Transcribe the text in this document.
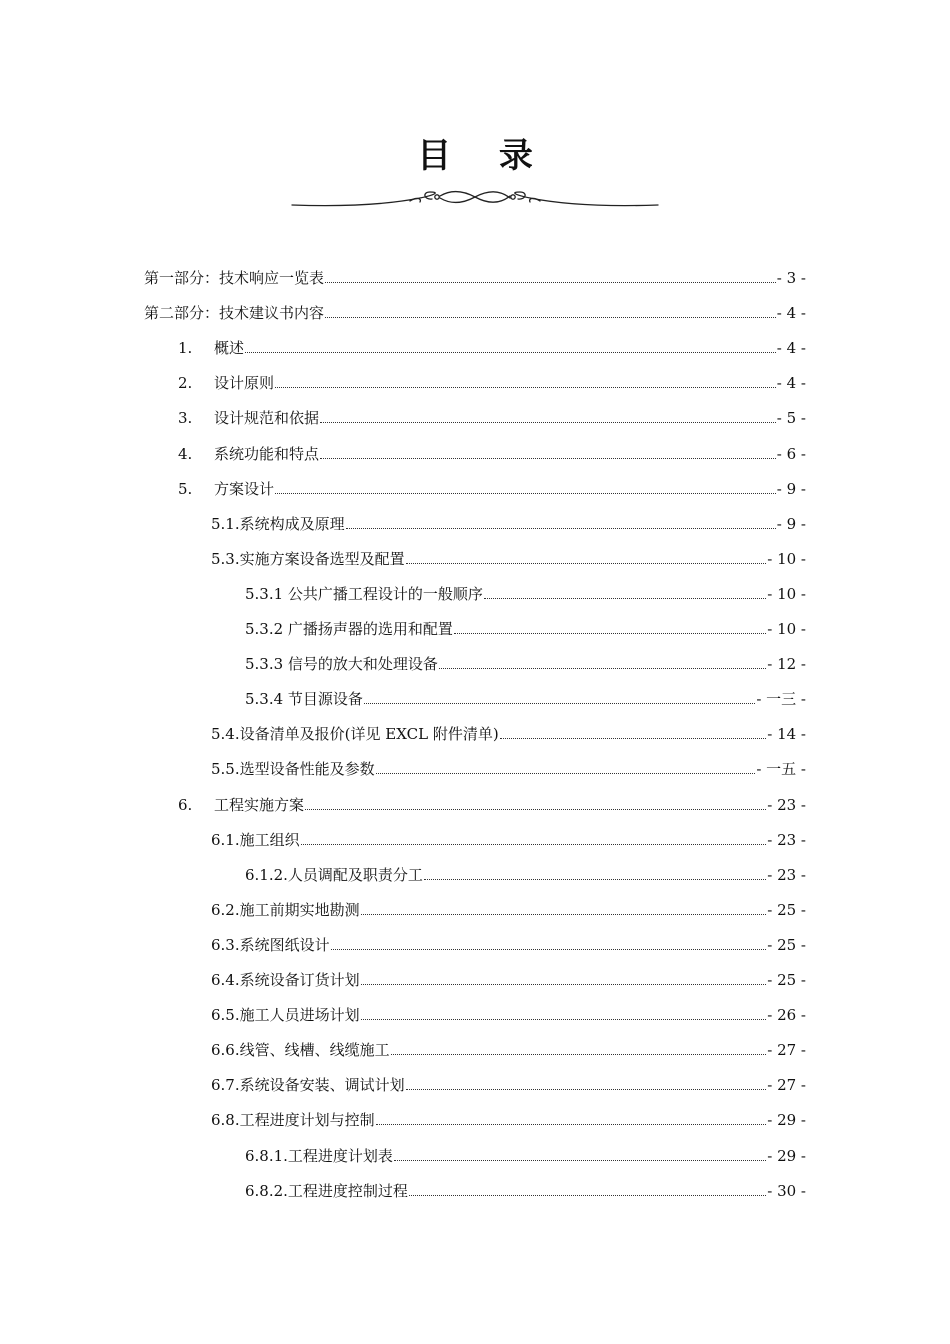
目 录
第一部分：技术响应一览表	- 3 -
第二部分：技术建议书内容	- 4 -
1.	概述	- 4 -
2.	设计原则	- 4 -
3.	设计规范和依据	- 5 -
4.	系统功能和特点	- 6 -
5.	方案设计	- 9 -
5.1.系统构成及原理	- 9 -
5.3.实施方案设备选型及配置	- 10 -
5.3.1 公共广播工程设计的一般顺序	- 10 -
5.3.2 广播扬声器的选用和配置	- 10 -
5.3.3 信号的放大和处理设备	- 12 -
5.3.4 节目源设备	- 一三 -
5.4.设备清单及报价(详见 EXCL 附件清单)	- 14 -
5.5.选型设备性能及参数	- 一五 -
6.	工程实施方案	- 23 -
6.1.施工组织	- 23 -
6.1.2.人员调配及职责分工	- 23 -
6.2.施工前期实地勘测	- 25 -
6.3.系统图纸设计	- 25 -
6.4.系统设备订货计划	- 25 -
6.5.施工人员进场计划	- 26 -
6.6.线管、线槽、线缆施工	- 27 -
6.7.系统设备安装、调试计划	- 27 -
6.8.工程进度计划与控制	- 29 -
6.8.1.工程进度计划表	- 29 -
6.8.2.工程进度控制过程	- 30 -
